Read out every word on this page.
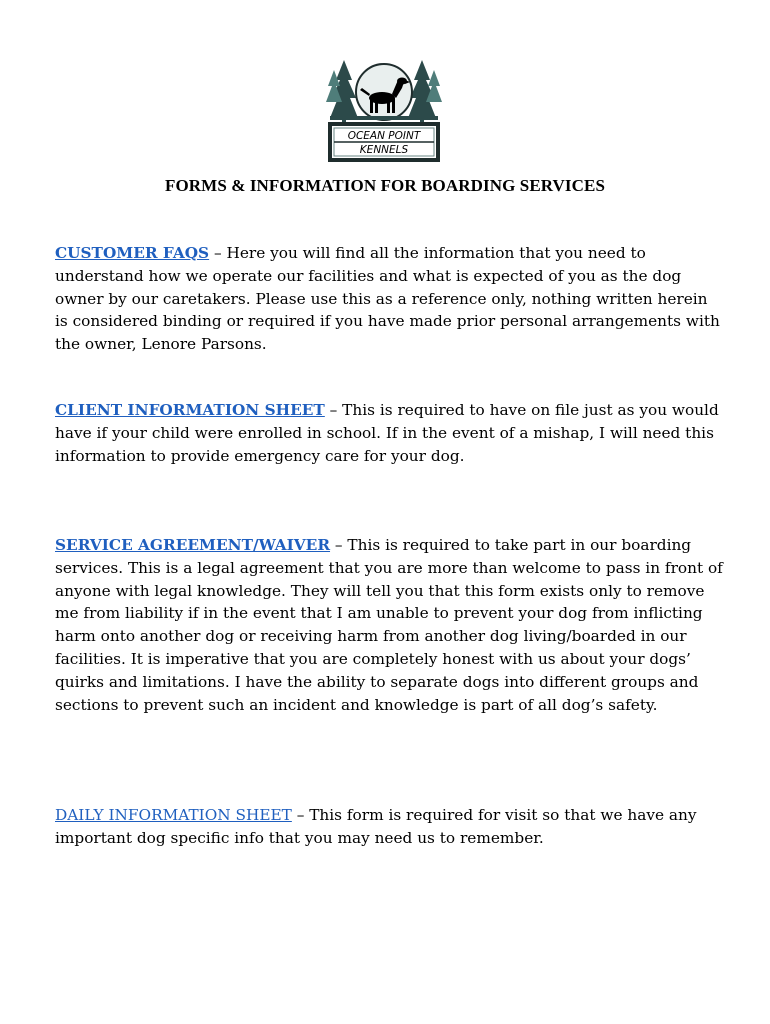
OCEAN POINT
KENNELS
FORMS & INFORMATION FOR BOARDING SERVICES

CUSTOMER FAQS – Here you will find all the information that you need to understand how we operate our facilities and what is expected of you as the dog owner by our caretakers. Please use this as a reference only, nothing written herein is considered binding or required if you have made prior personal arrangements with the owner, Lenore Parsons.

CLIENT INFORMATION SHEET – This is required to have on file just as you would have if your child were enrolled in school. If in the event of a mishap, I will need this information to provide emergency care for your dog.

SERVICE AGREEMENT/WAIVER – This is required to take part in our boarding services. This is a legal agreement that you are more than welcome to pass in front of anyone with legal knowledge. They will tell you that this form exists only to remove me from liability if in the event that I am unable to prevent your dog from inflicting harm onto another dog or receiving harm from another dog living/boarded in our facilities. It is imperative that you are completely honest with us about your dogs’ quirks and limitations. I have the ability to separate dogs into different groups and sections to prevent such an incident and knowledge is part of all dog’s safety.

DAILY INFORMATION SHEET – This form is required for visit so that we have any important dog specific info that you may need us to remember.
